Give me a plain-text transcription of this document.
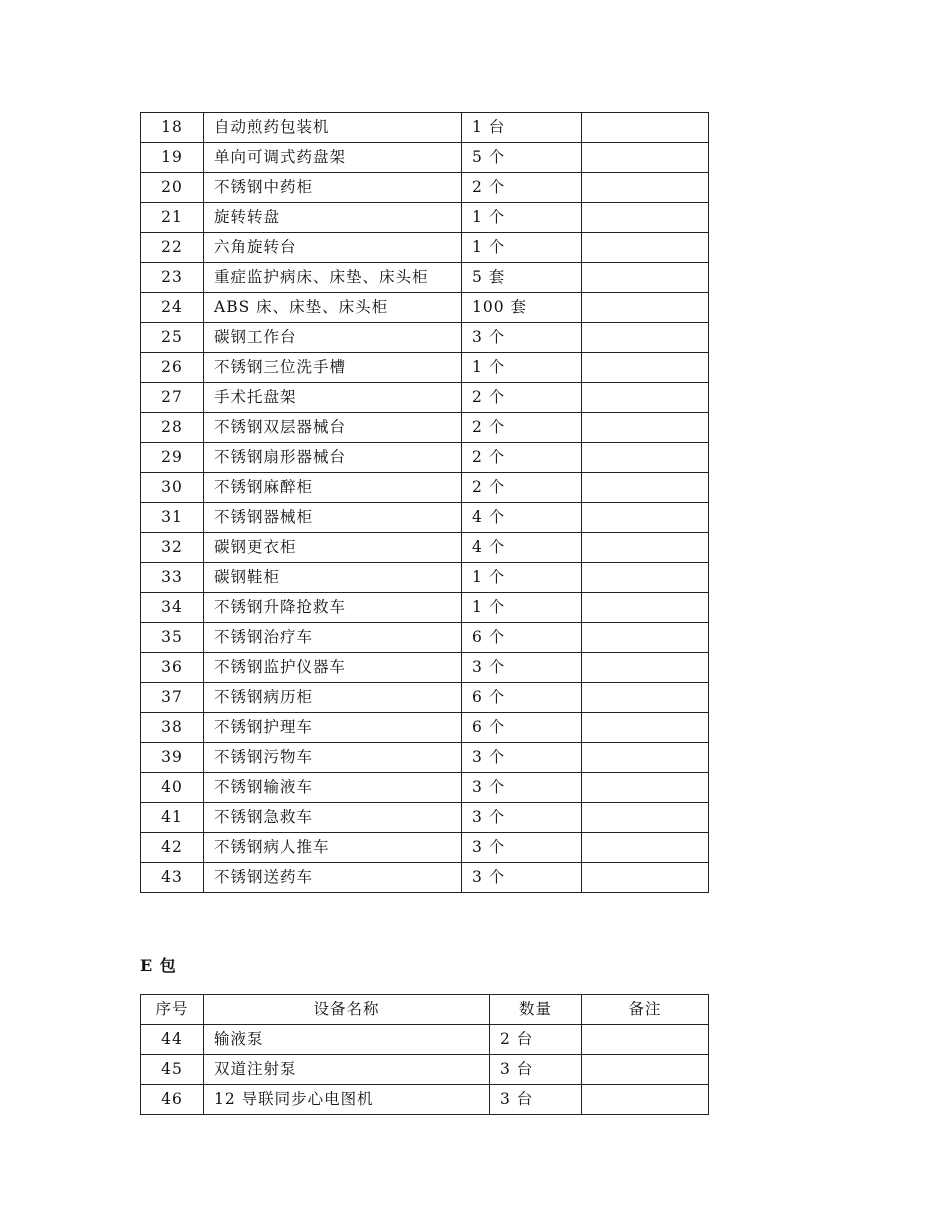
18	自动煎药包装机	1 台	
19	单向可调式药盘架	5 个	
20	不锈钢中药柜	2 个	
21	旋转转盘	1 个	
22	六角旋转台	1 个	
23	重症监护病床、床垫、床头柜	5 套	
24	ABS 床、床垫、床头柜	100 套	
25	碳钢工作台	3 个	
26	不锈钢三位洗手槽	1 个	
27	手术托盘架	2 个	
28	不锈钢双层器械台	2 个	
29	不锈钢扇形器械台	2 个	
30	不锈钢麻醉柜	2 个	
31	不锈钢器械柜	4 个	
32	碳钢更衣柜	4 个	
33	碳钢鞋柜	1 个	
34	不锈钢升降抢救车	1 个	
35	不锈钢治疗车	6 个	
36	不锈钢监护仪器车	3 个	
37	不锈钢病历柜	6 个	
38	不锈钢护理车	6 个	
39	不锈钢污物车	3 个	
40	不锈钢输液车	3 个	
41	不锈钢急救车	3 个	
42	不锈钢病人推车	3 个	
43	不锈钢送药车	3 个	
E 包
序号	设备名称	数量	备注
44	输液泵	2 台	
45	双道注射泵	3 台	
46	12 导联同步心电图机	3 台	
